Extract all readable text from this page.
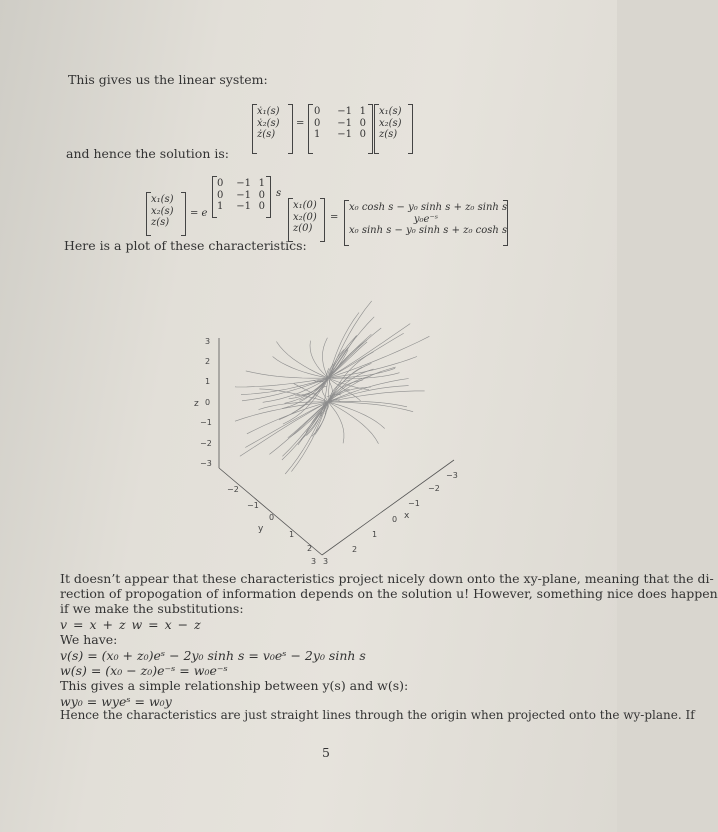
This gives us the linear system:
ẋ₁(s)
ẋ₂(s)
ż(s)
=
0 −1 1
0 −1 0
1 −1 0
x₁(s)
x₂(s)
z(s)
and hence the solution is:
x₁(s)
x₂(s)
z(s)
= e
0 −1 1
0 −1 0
1 −1 0
s
x₁(0)
x₂(0)
z(0)
=
x₀ cosh s − y₀ sinh s + z₀ sinh s
y₀e⁻ˢ
x₀ sinh s − y₀ sinh s + z₀ cosh s
Here is a plot of these characteristics:
3
2
1
0
−1
−2
−3
z
−2
−1
0
1
2
3
y
3
2
1
0
−1
−2
−3
x
It doesn’t appear that these characteristics project nicely down onto the xy-plane, meaning that the di-
rection of propogation of information depends on the solution u! However, something nice does happen
if we make the substitutions:
v = x + z w = x − z
We have:
v(s) = (x₀ + z₀)eˢ − 2y₀ sinh s = v₀eˢ − 2y₀ sinh s
w(s) = (x₀ − z₀)e⁻ˢ = w₀e⁻ˢ
This gives a simple relationship between y(s) and w(s):
wy₀ = wyeˢ = w₀y
Hence the characteristics are just straight lines through the origin when projected onto the wy-plane. If
5
